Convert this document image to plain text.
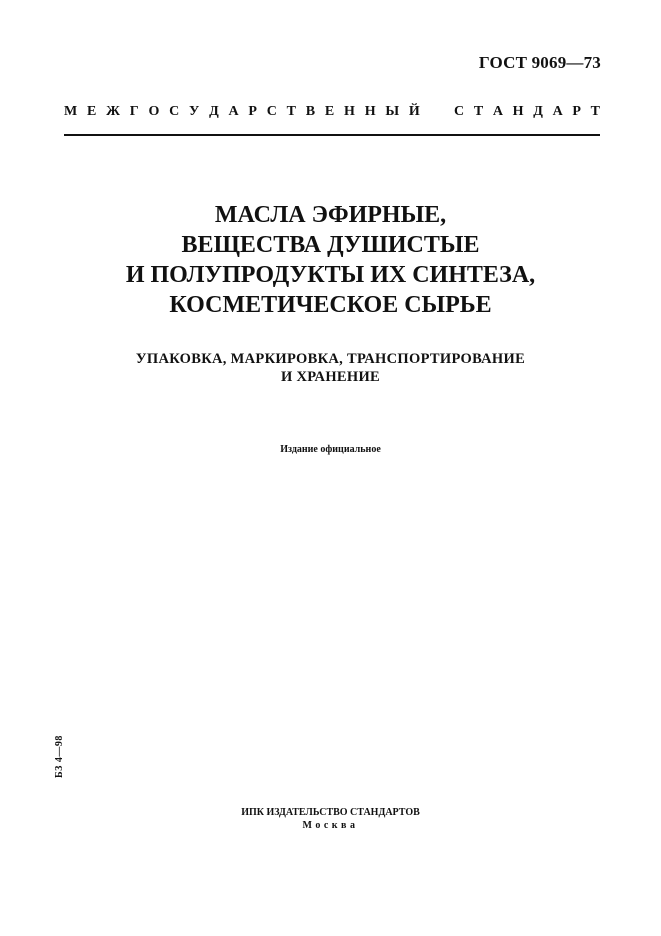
ГОСТ 9069—73
М Е Ж Г О С У Д А Р С Т В Е Н Н Ы Й С Т А Н Д А Р Т
МАСЛА ЭФИРНЫЕ,
ВЕЩЕСТВА ДУШИСТЫЕ
И ПОЛУПРОДУКТЫ ИХ СИНТЕЗА,
КОСМЕТИЧЕСКОЕ СЫРЬЕ
УПАКОВКА, МАРКИРОВКА, ТРАНСПОРТИРОВАНИЕ
И ХРАНЕНИЕ
Издание официальное
БЗ 4—98
ИПК ИЗДАТЕЛЬСТВО СТАНДАРТОВ
Москва
